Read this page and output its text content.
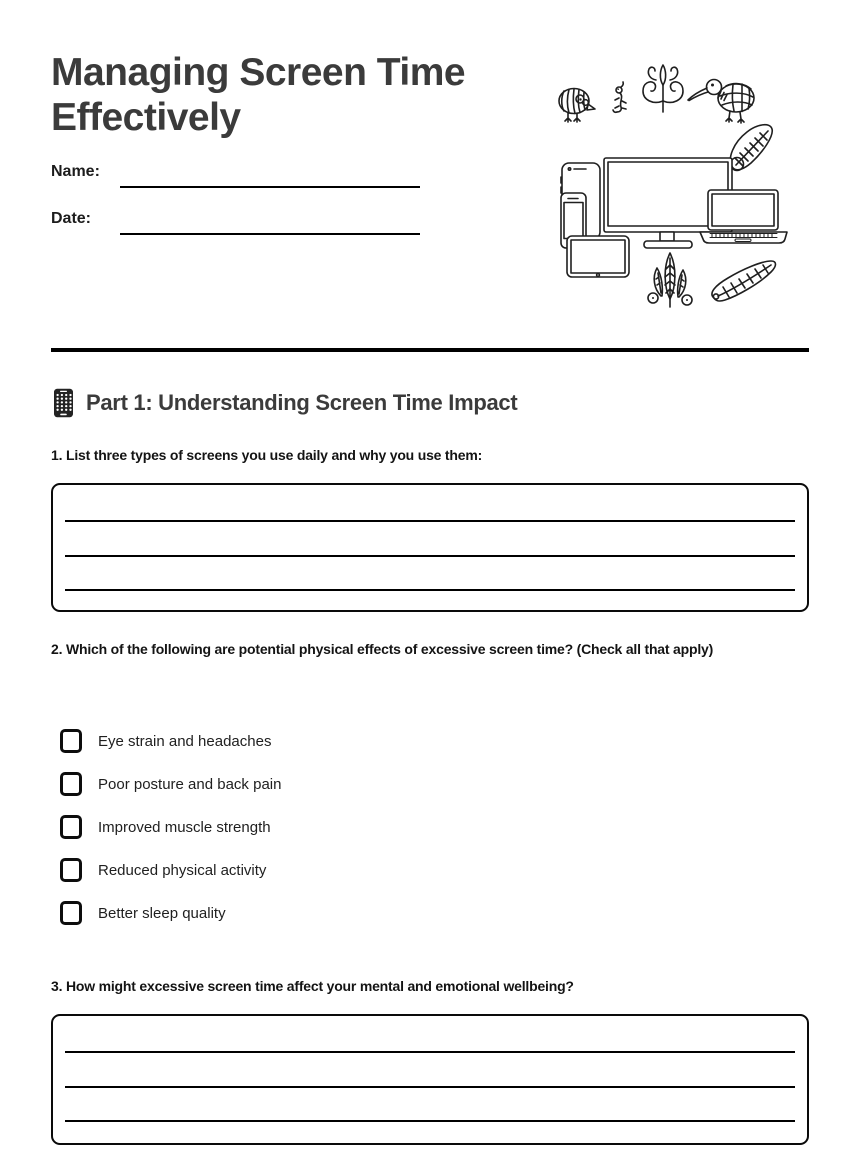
Managing Screen Time Effectively
Name:
Date:
Part 1: Understanding Screen Time Impact

1. List three types of screens you use daily and why you use them:

2. Which of the following are potential physical effects of excessive screen time? (Check all that apply)

Eye strain and headaches
Poor posture and back pain
Improved muscle strength
Reduced physical activity
Better sleep quality

3. How might excessive screen time affect your mental and emotional wellbeing?
